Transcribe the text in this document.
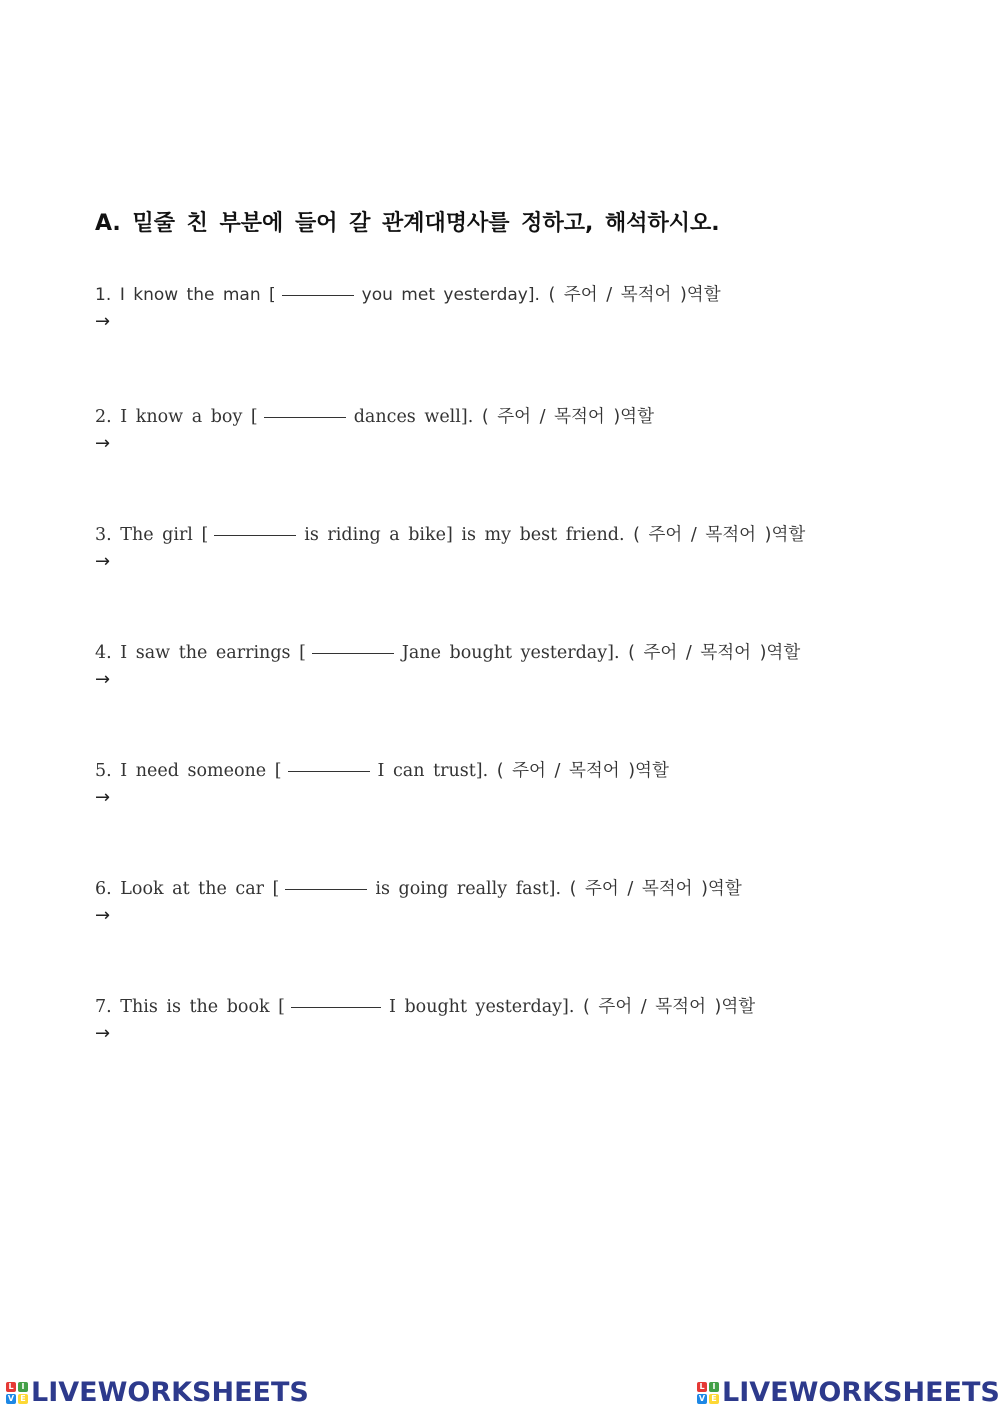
A. 밑줄 친 부분에 들어 갈 관계대명사를 정하고, 해석하시오.
1. I know the man [	you met yesterday]. ( 주어 / 목적어 )역할
→
2. I know a boy [	dances well]. ( 주어 / 목적어 )역할
→
3. The girl [	is riding a bike] is my best friend. ( 주어 / 목적어 )역할
→
4. I saw the earrings [	Jane bought yesterday]. ( 주어 / 목적어 )역할
→
5. I need someone [	I can trust]. ( 주어 / 목적어 )역할
→
6. Look at the car [	is going really fast]. ( 주어 / 목적어 )역할
→
7. This is the book [	I bought yesterday]. ( 주어 / 목적어 )역할
→
L I
V E LIVEWORKSHEETS	L I
V E LIVEWORKSHEETS
